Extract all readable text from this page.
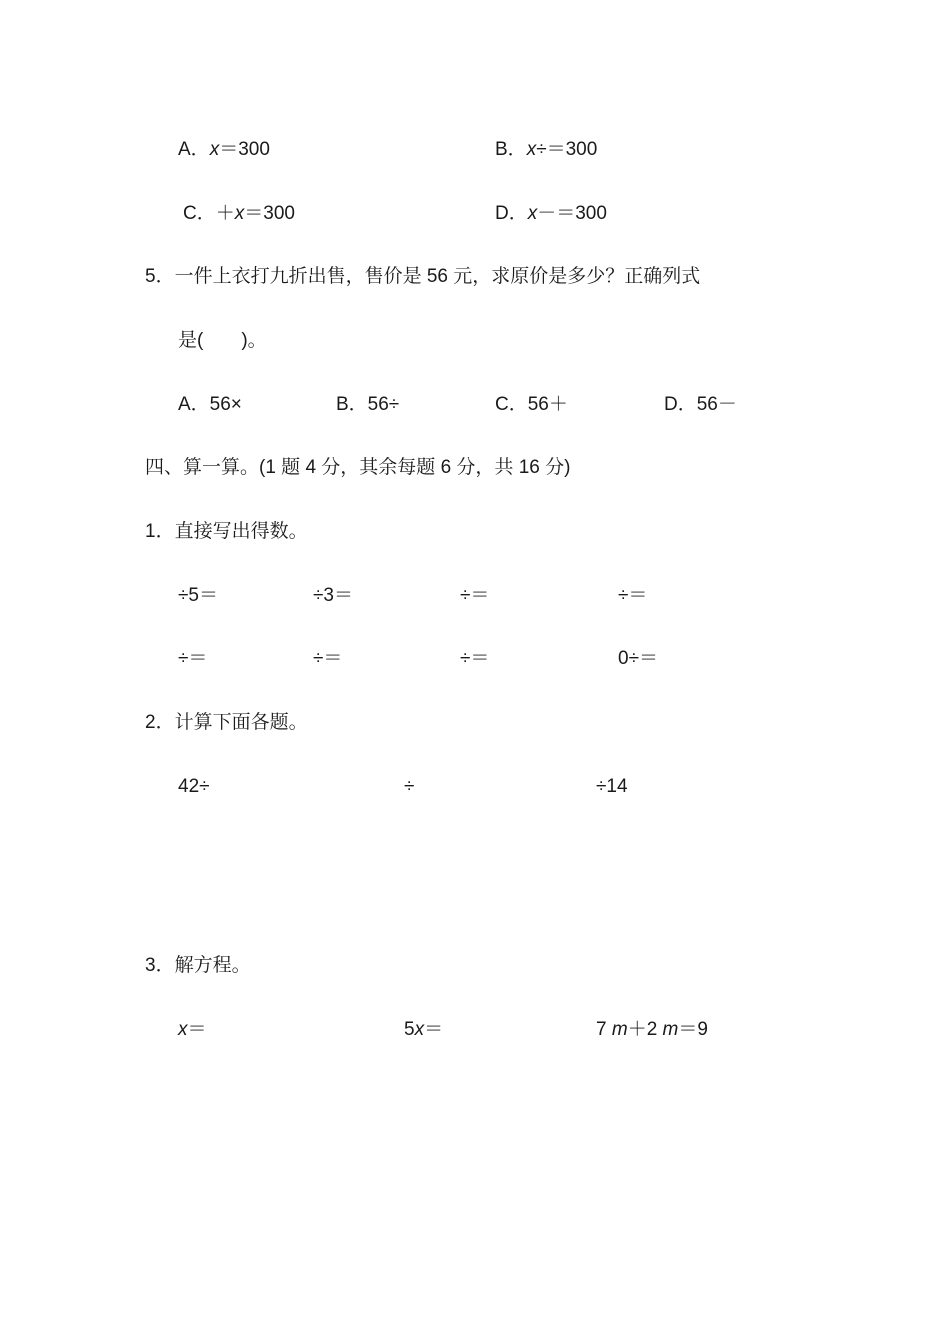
A．x＝300	B．x÷＝300
C．＋x＝300	D．x－＝300
5．一件上衣打九折出售，售价是 56 元，求原价是多少？正确列式
是(　　)。
A．56×	B．56÷	C．56＋	D．56－
四、算一算。(1 题 4 分，其余每题 6 分，共 16 分)
1．直接写出得数。
÷5＝	÷3＝	÷＝	÷＝
÷＝	÷＝	÷＝	0÷＝
2．计算下面各题。
42÷	÷	÷14
3．解方程。
x＝	5x＝	7 m＋2 m＝9
